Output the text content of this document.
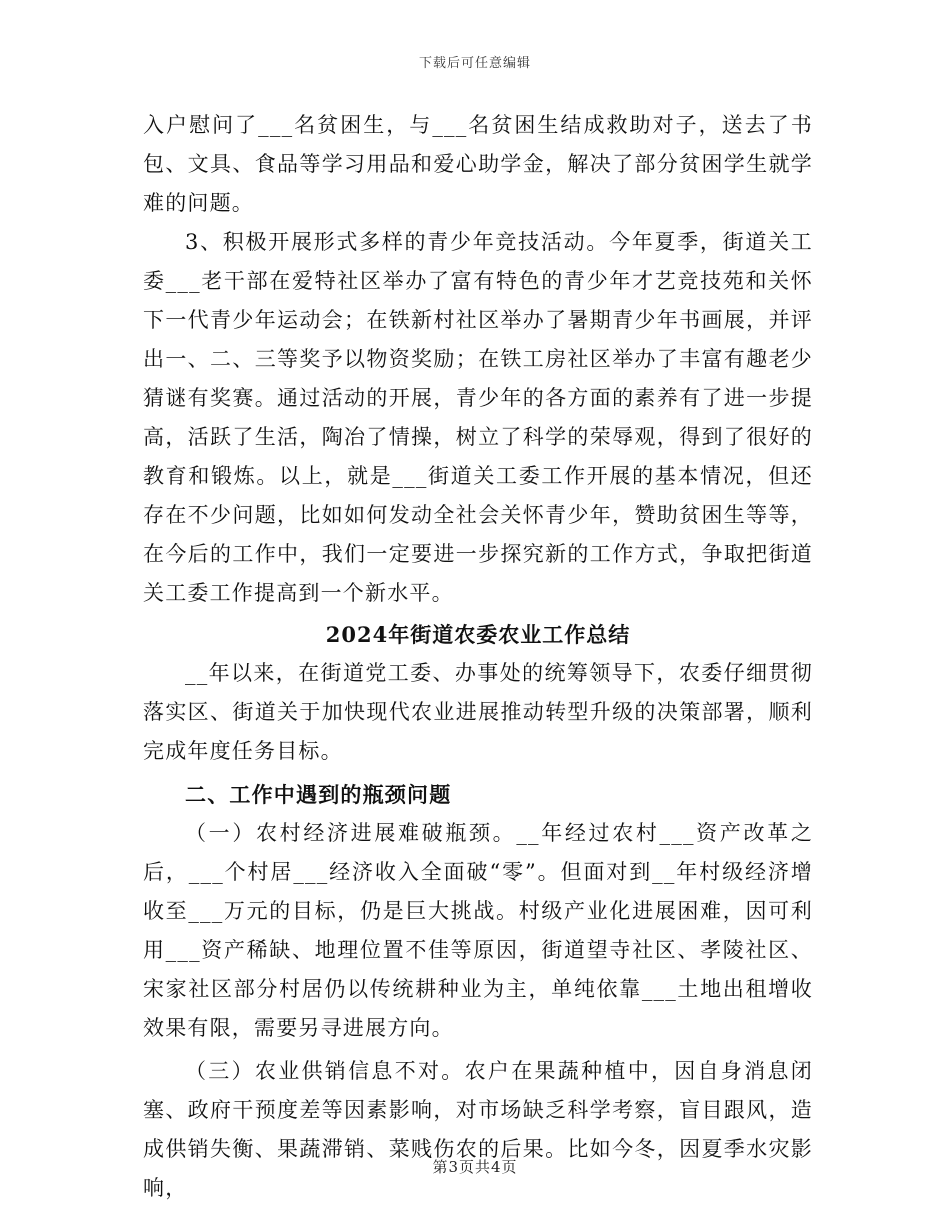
下载后可任意编辑

入户慰问了___名贫困生，与___名贫困生结成救助对子，送去了书包、文具、食品等学习用品和爱心助学金，解决了部分贫困学生就学难的问题。

3、积极开展形式多样的青少年竞技活动。今年夏季，街道关工委___老干部在爱特社区举办了富有特色的青少年才艺竞技苑和关怀下一代青少年运动会；在铁新村社区举办了暑期青少年书画展，并评出一、二、三等奖予以物资奖励；在铁工房社区举办了丰富有趣老少猜谜有奖赛。通过活动的开展，青少年的各方面的素养有了进一步提高，活跃了生活，陶冶了情操，树立了科学的荣辱观，得到了很好的教育和锻炼。以上，就是___街道关工委工作开展的基本情况，但还存在不少问题，比如如何发动全社会关怀青少年，赞助贫困生等等，在今后的工作中，我们一定要进一步探究新的工作方式，争取把街道关工委工作提高到一个新水平。

2024年街道农委农业工作总结

__年以来，在街道党工委、办事处的统筹领导下，农委仔细贯彻落实区、街道关于加快现代农业进展推动转型升级的决策部署，顺利完成年度任务目标。

二、工作中遇到的瓶颈问题

（一）农村经济进展难破瓶颈。__年经过农村___资产改革之后，___个村居___经济收入全面破“零”。但面对到__年村级经济增收至___万元的目标，仍是巨大挑战。村级产业化进展困难，因可利用___资产稀缺、地理位置不佳等原因，街道望寺社区、孝陵社区、宋家社区部分村居仍以传统耕种业为主，单纯依靠___土地出租增收效果有限，需要另寻进展方向。

（三）农业供销信息不对。农户在果蔬种植中，因自身消息闭塞、政府干预度差等因素影响，对市场缺乏科学考察，盲目跟风，造成供销失衡、果蔬滞销、菜贱伤农的后果。比如今冬，因夏季水灾影响，

第3页共4页
